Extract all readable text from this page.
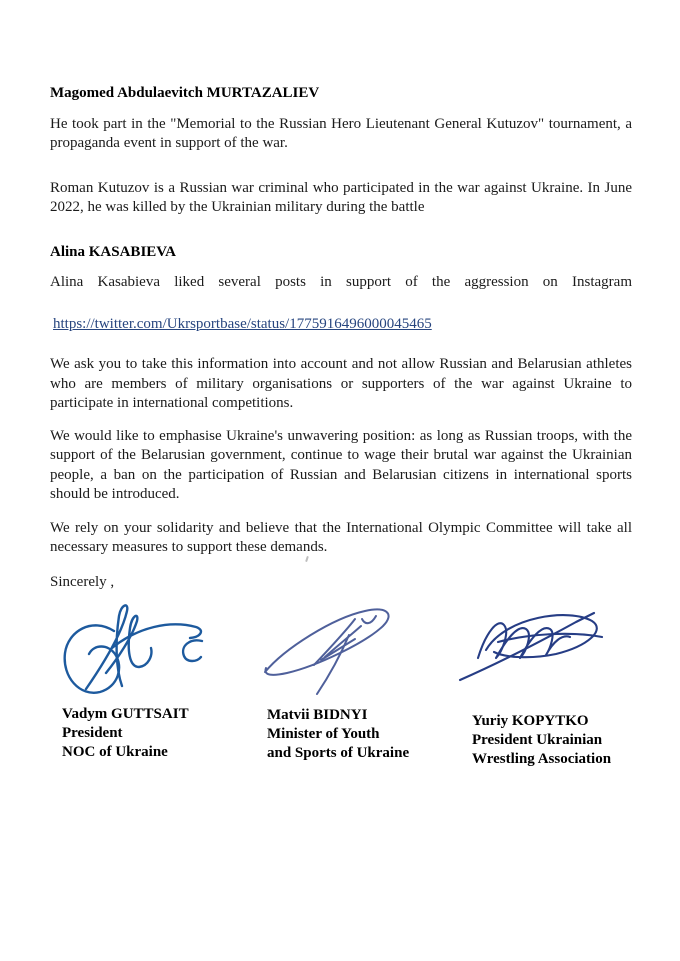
Magomed Abdulaevitch MURTAZALIEV

He took part in the "Memorial to the Russian Hero Lieutenant General Kutuzov" tournament, a propaganda event in support of the war.

Roman Kutuzov is a Russian war criminal who participated in the war against Ukraine. In June 2022, he was killed by the Ukrainian military during the battle

Alina KASABIEVA

Alina Kasabieva liked several posts in support of the aggression on Instagram

https://twitter.com/Ukrsportbase/status/1775916496000045465

We ask you to take this information into account and not allow Russian and Belarusian athletes who are members of military organisations or supporters of the war against Ukraine to participate in international competitions.

We would like to emphasise Ukraine's unwavering position: as long as Russian troops, with the support of the Belarusian government, continue to wage their brutal war against the Ukrainian people, a ban on the participation of Russian and Belarusian citizens in international sports should be introduced.

We rely on your solidarity and believe that the International Olympic Committee will take all necessary measures to support these demands.

Sincerely ,

Vadym GUTTSAIT

President

NOC of Ukraine

Matvii BIDNYI

Minister of Youth

and Sports of Ukraine

Yuriy KOPYTKO

President Ukrainian

Wrestling Association
